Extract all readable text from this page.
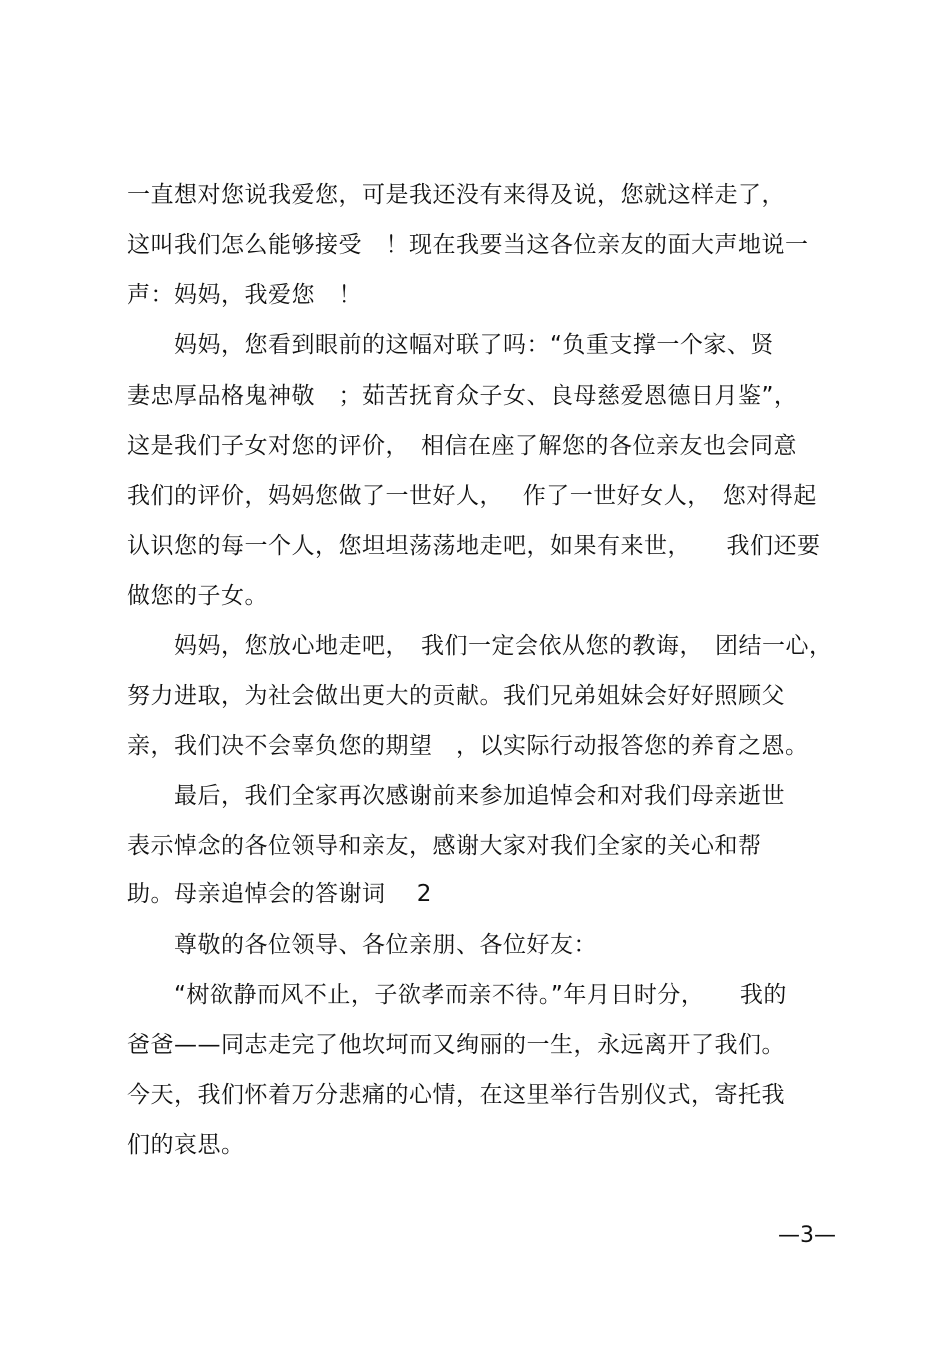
一直想对您说我爱您，可是我还没有来得及说，您就这样走了，
这叫我们怎么能够接受　！现在我要当这各位亲友的面大声地说一
声：妈妈，我爱您　！
　　妈妈，您看到眼前的这幅对联了吗：“负重支撑一个家、贤
妻忠厚品格鬼神敬　；茹苦抚育众子女、良母慈爱恩德日月鉴”，
这是我们子女对您的评价，　相信在座了解您的各位亲友也会同意
我们的评价，妈妈您做了一世好人，　 作了一世好女人，　您对得起
认识您的每一个人，您坦坦荡荡地走吧，如果有来世，　　我们还要
做您的子女。
　　妈妈，您放心地走吧，　我们一定会依从您的教诲，　团结一心，
努力进取，为社会做出更大的贡献。我们兄弟姐妹会好好照顾父
亲，我们决不会辜负您的期望　，以实际行动报答您的养育之恩。
　　最后，我们全家再次感谢前来参加追悼会和对我们母亲逝世
表示悼念的各位领导和亲友，感谢大家对我们全家的关心和帮
助。母亲追悼会的答谢词　 2
　　尊敬的各位领导、各位亲朋、各位好友：
　　“树欲静而风不止，子欲孝而亲不待。”年月日时分，　　我的
爸爸——同志走完了他坎坷而又绚丽的一生，永远离开了我们。
今天，我们怀着万分悲痛的心情，在这里举行告别仪式，寄托我
们的哀思。
—3—
